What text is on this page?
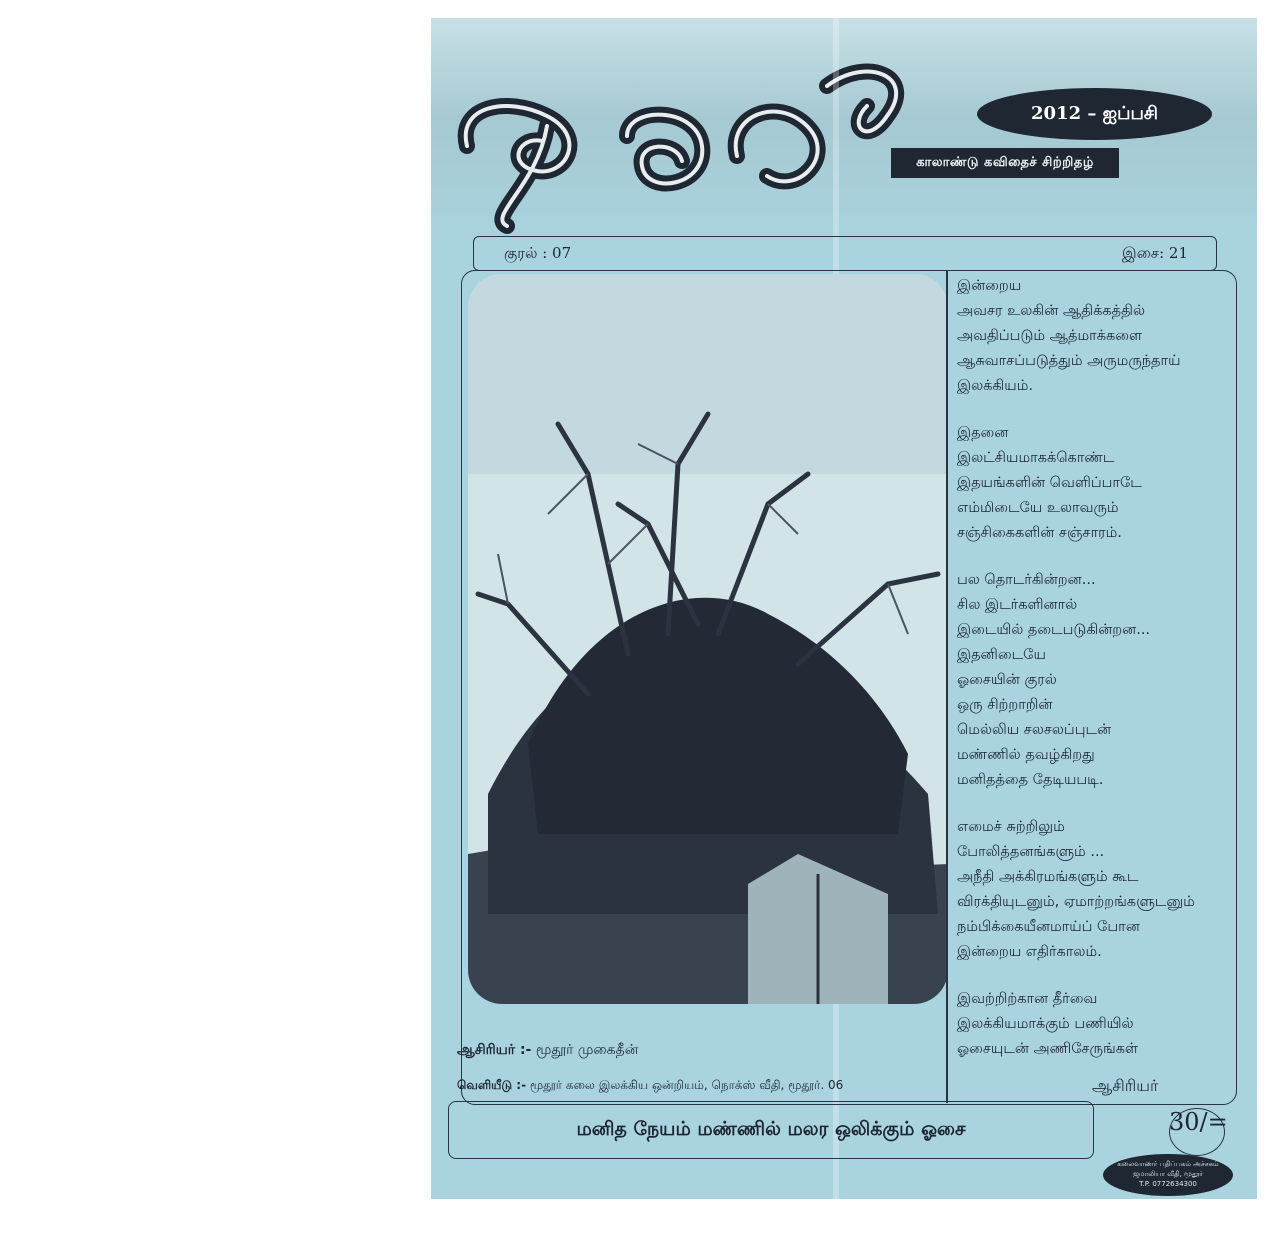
2012 – ஐப்பசி
காலாண்டு கவிதைச் சிற்றிதழ்
குரல் : 07	இசை: 21
இன்றைய
அவசர உலகின் ஆதிக்கத்தில்
அவதிப்படும் ஆத்மாக்களை
ஆசுவாசப்படுத்தும் அருமருந்தாய்
இலக்கியம்.
இதனை
இலட்சியமாகக்கொண்ட
இதயங்களின் வெளிப்பாடே
எம்மிடையே உலாவரும்
சஞ்சிகைகளின் சஞ்சாரம்.
பல தொடர்கின்றன...
சில இடர்களினால்
இடையில் தடைபடுகின்றன...
இதனிடையே
ஓசையின் குரல்
ஒரு சிற்றாறின்
மெல்லிய சலசலப்புடன்
மண்ணில் தவழ்கிறது
மனிதத்தை தேடியபடி.
எமைச் சுற்றிலும்
போலித்தனங்களும் ...
அநீதி அக்கிரமங்களும் கூட
விரக்தியுடனும், ஏமாற்றங்களுடனும்
நம்பிக்கையீனமாய்ப் போன
இன்றைய எதிர்காலம்.
இவற்றிற்கான தீர்வை
இலக்கியமாக்கும் பணியில்
ஓசையுடன் அணிசேருங்கள்
ஆசிரியர்
ஆசிரியர் :- மூதூர் முகைதீன்
வெளியீடு :- மூதூர் கலை இலக்கிய ஒன்றியம், நொக்ஸ் வீதி, மூதூர். 06
மனித நேயம் மண்ணில் மலர ஒலிக்கும் ஓசை	30/=
கலைவாணர் பதிப்பகம் அச்சகம்
ஜமாலியா வீதி, மூதூர்
T.P. 0772634300
